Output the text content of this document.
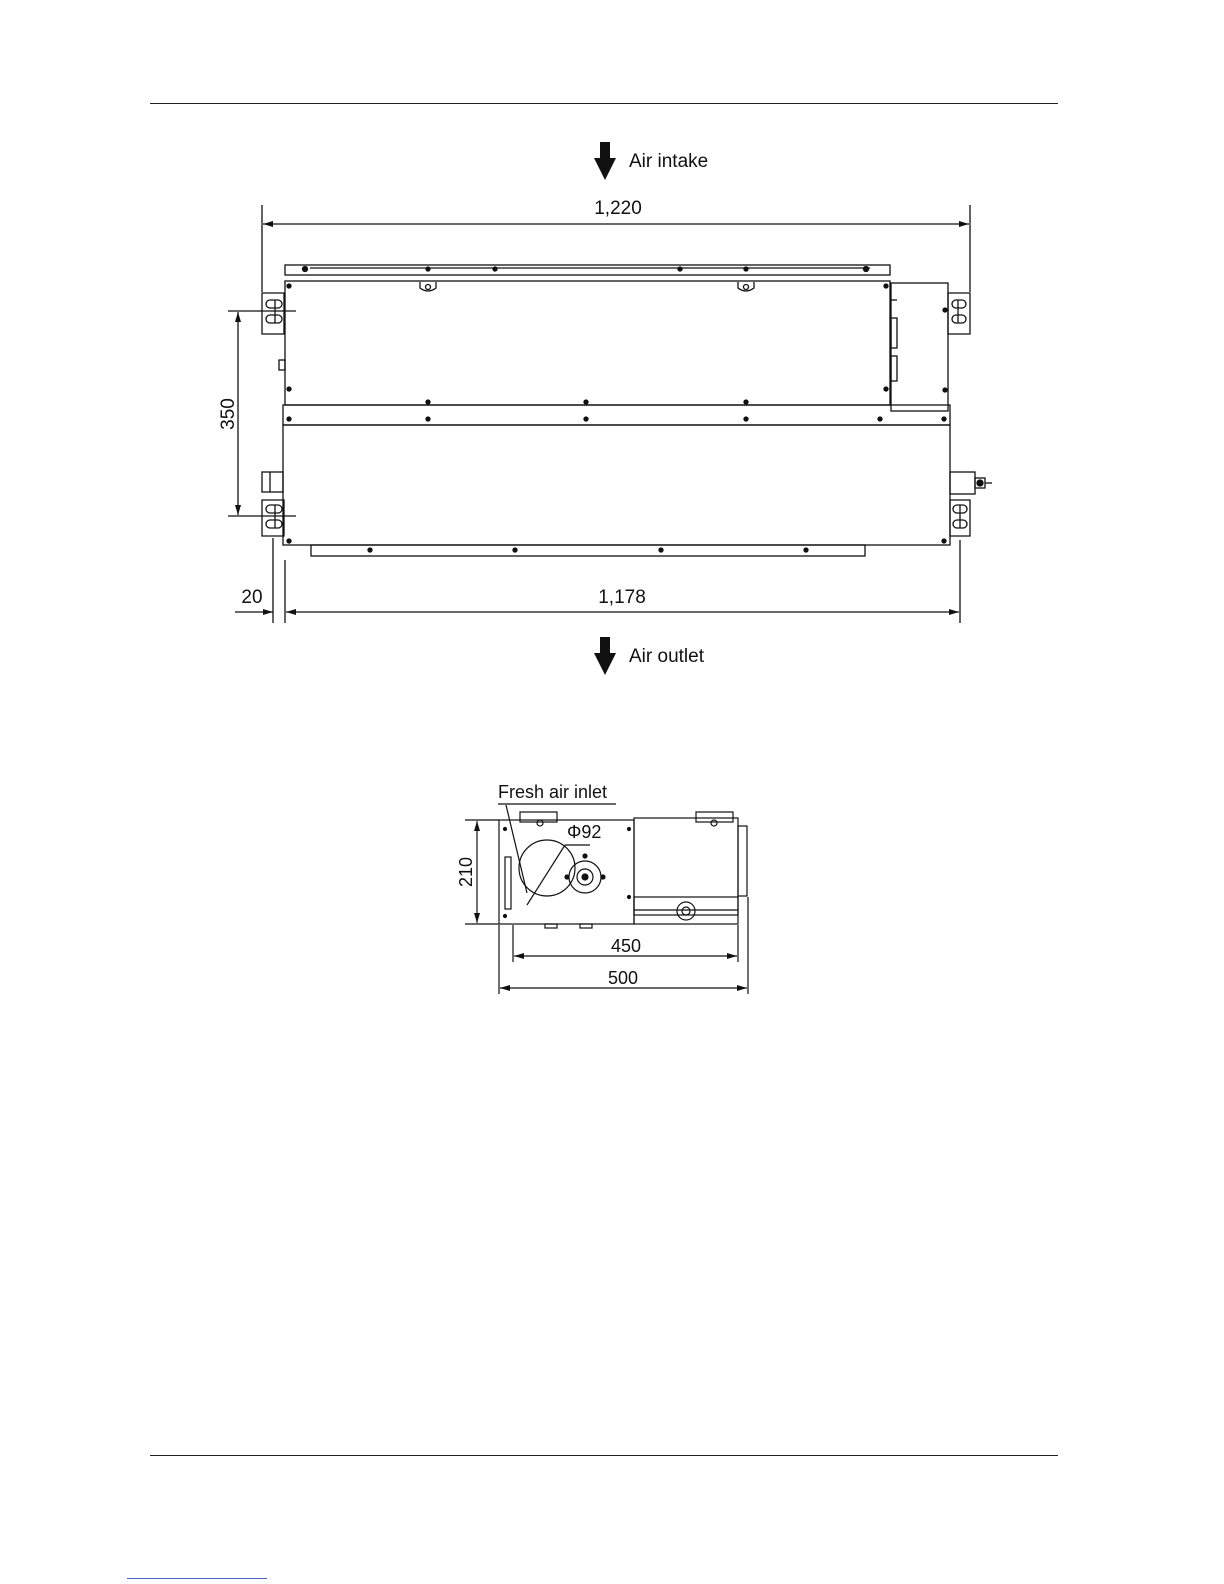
Air intake
1,220
350
20	1,178
Air outlet
Fresh air inlet
Φ92
210
450
500
